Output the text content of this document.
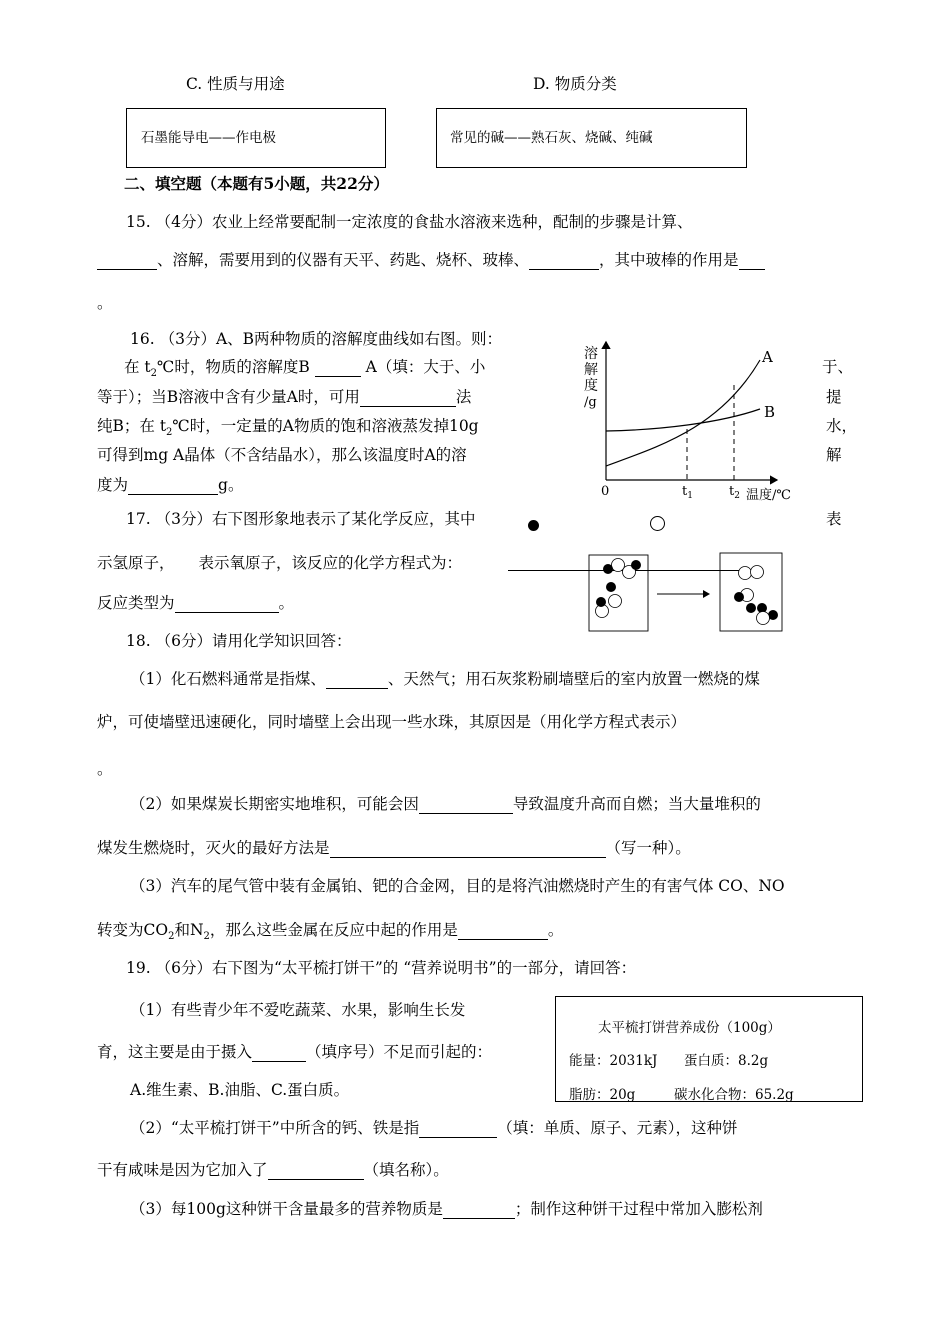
C. 性质与用途	D. 物质分类
石墨能导电——作电极	常见的碱——熟石灰、烧碱、纯碱
二、填空题（本题有5小题，共22分）
15. （4分）农业上经常要配制一定浓度的食盐水溶液来选种，配制的步骤是计算、
、溶解，需要用到的仪器有天平、药匙、烧杯、玻棒、	，其中玻棒的作用是
。
16. （3分）A、B两种物质的溶解度曲线如右图。则：
在 $t_2℃$时，物质的溶解度B	A（填：大于、小	于、
等于）；当B溶液中含有少量A时，可用	法	提
纯B；在 $t_2℃$时，一定量的A物质的饱和溶液蒸发掉10g	水，
可得到mg A晶体（不含结晶水），那么该温度时A的溶	解
度为	g。
溶
解
度
/g
A
B
0	$t_1$	$t_2$ 温度/℃
17. （3分）右下图形象地表示了某化学反应，其中	表
示氢原子， 表示氧原子，该反应的化学方程式为：
反应类型为	。
18. （6分）请用化学知识回答：
（1）化石燃料通常是指煤、	、天然气；用石灰浆粉刷墙壁后的室内放置一燃烧的煤
炉，可使墙壁迅速硬化，同时墙壁上会出现一些水珠，其原因是（用化学方程式表示）
。
（2）如果煤炭长期密实地堆积，可能会因	导致温度升高而自燃；当大量堆积的
煤发生燃烧时，灭火的最好方法是	（写一种）。
（3）汽车的尾气管中装有金属铂、钯的合金网，目的是将汽油燃烧时产生的有害气体 CO、NO
转变为$CO_2$和$N_2$，那么这些金属在反应中起的作用是	。
19. （6分）右下图为“太平梳打饼干”的 “营养说明书”的一部分，请回答：
（1）有些青少年不爱吃蔬菜、水果，影响生长发
育，这主要是由于摄入	（填序号）不足而引起的：
A.维生素、B.油脂、C.蛋白质。
太平梳打饼营养成份（100g）
能量：2031kJ 蛋白质：8.2g
脂肪：20g	碳水化合物：65.2g
（2）“太平梳打饼干”中所含的钙、铁是指	（填：单质、原子、元素），这种饼
干有咸味是因为它加入了	（填名称）。
（3）每100g这种饼干含量最多的营养物质是	；制作这种饼干过程中常加入膨松剂
